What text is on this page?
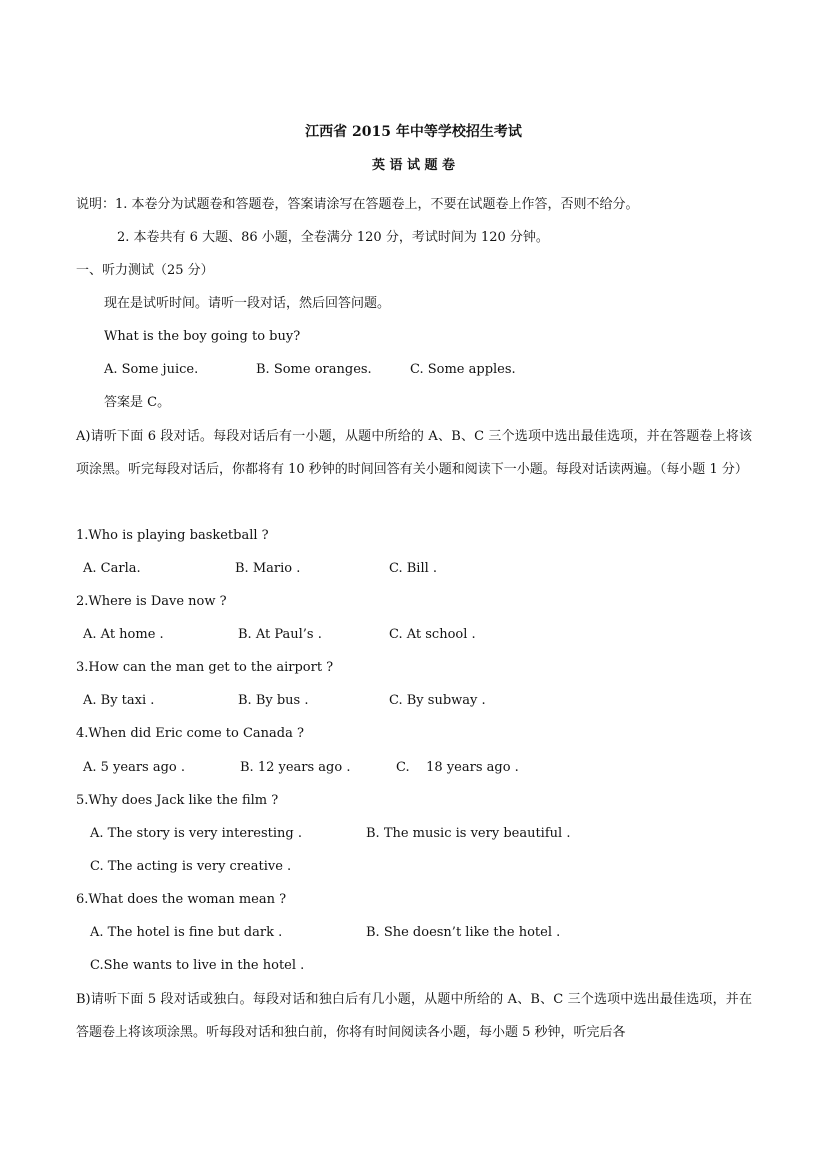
江西省 2015 年中等学校招生考试
英 语 试 题 卷
说明：1. 本卷分为试题卷和答题卷，答案请涂写在答题卷上，不要在试题卷上作答，否则不给分。
2. 本卷共有 6 大题、86 小题，全卷满分 120 分，考试时间为 120 分钟。
一、听力测试（25 分）
现在是试听时间。请听一段对话，然后回答问题。
What is the boy going to buy?
A. Some juice.	B. Some oranges.	C. Some apples.
答案是 C。
A)请听下面 6 段对话。每段对话后有一小题，从题中所给的 A、B、C 三个选项中选出最佳选项，并在答题卷上将该项涂黑。听完每段对话后，你都将有 10 秒钟的时间回答有关小题和阅读下一小题。每段对话读两遍。（每小题 1 分）
1.Who is playing basketball ?
A. Carla.	B. Mario .	C. Bill .
2.Where is Dave now ?
A. At home .	B. At Paul’s .	C. At school .
3.How can the man get to the airport ?
A. By taxi .	B. By bus .	C. By subway .
4.When did Eric come to Canada ?
A. 5 years ago .	B. 12 years ago .	C.    18 years ago .
5.Why does Jack like the film ?
A. The story is very interesting .	B. The music is very beautiful .
C. The acting is very creative .
6.What does the woman mean ?
A. The hotel is fine but dark .	B. She doesn’t like the hotel .
C.She wants to live in the hotel .
B)请听下面 5 段对话或独白。每段对话和独白后有几小题，从题中所给的 A、B、C 三个选项中选出最佳选项，并在答题卷上将该项涂黑。听每段对话和独白前，你将有时间阅读各小题，每小题 5 秒钟，听完后各
